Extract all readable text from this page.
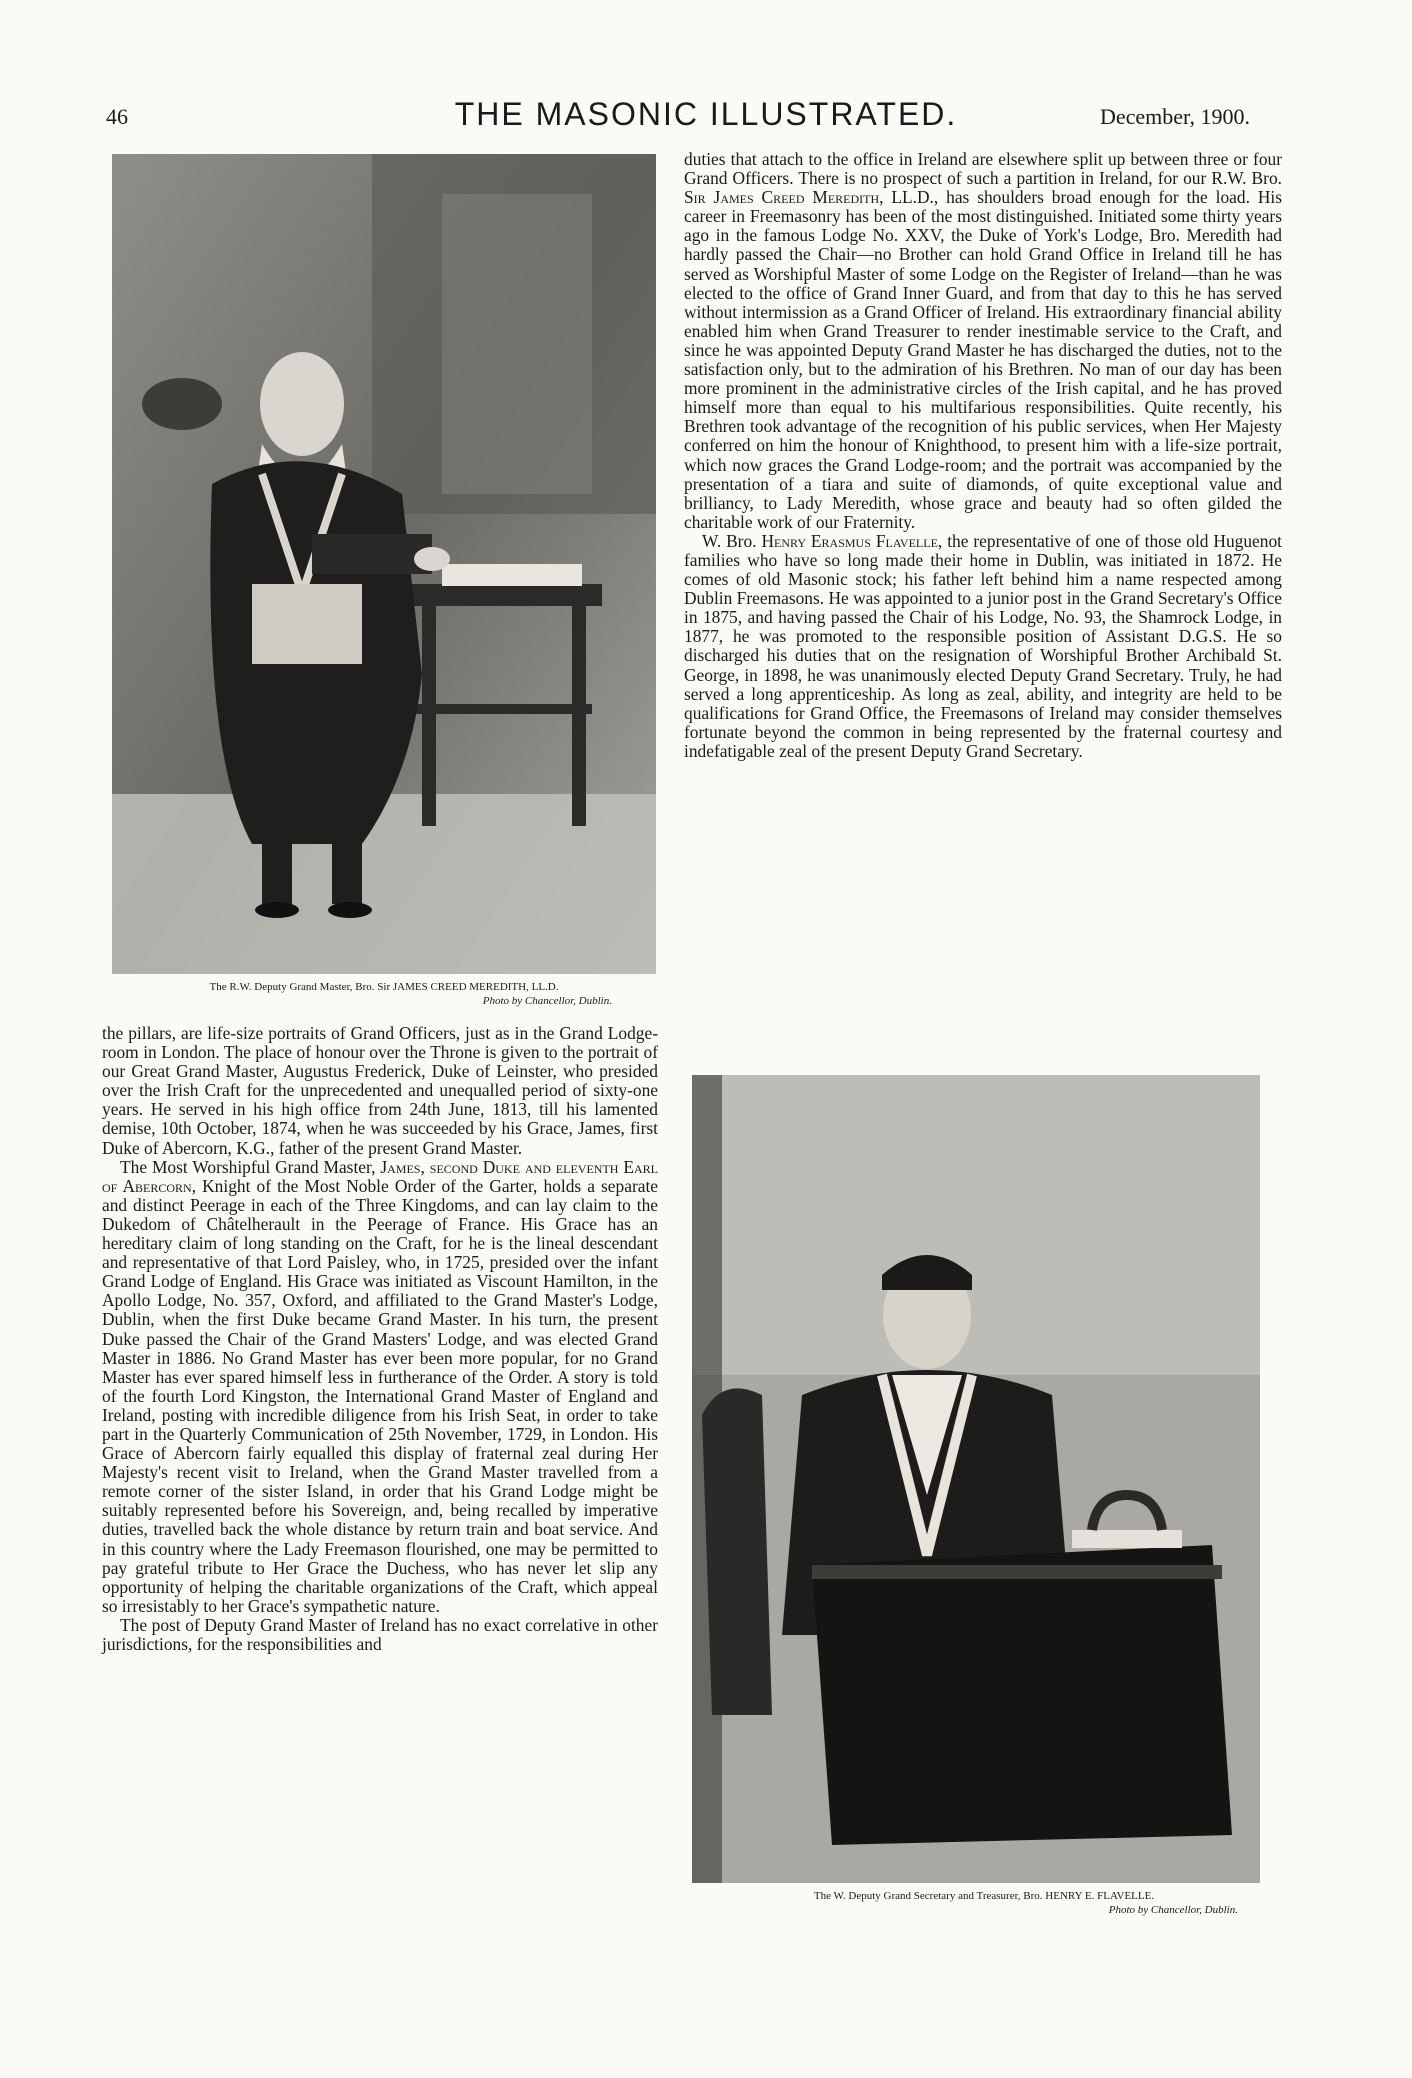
46	THE MASONIC ILLUSTRATED.	December, 1900.
The R.W. Deputy Grand Master, Bro. Sir JAMES CREED MEREDITH, LL.D.
Photo by Chancellor, Dublin.

the pillars, are life-size portraits of Grand Officers, just as in the Grand Lodge-room in London. The place of honour over the Throne is given to the portrait of our Great Grand Master, Augustus Frederick, Duke of Leinster, who presided over the Irish Craft for the unprecedented and unequalled period of sixty-one years. He served in his high office from 24th June, 1813, till his lamented demise, 10th October, 1874, when he was succeeded by his Grace, James, first Duke of Abercorn, K.G., father of the present Grand Master.

The Most Worshipful Grand Master, James, second Duke and eleventh Earl of Abercorn, Knight of the Most Noble Order of the Garter, holds a separate and distinct Peerage in each of the Three Kingdoms, and can lay claim to the Dukedom of Châtelherault in the Peerage of France. His Grace has an hereditary claim of long standing on the Craft, for he is the lineal descendant and representative of that Lord Paisley, who, in 1725, presided over the infant Grand Lodge of England. His Grace was initiated as Viscount Hamilton, in the Apollo Lodge, No. 357, Oxford, and affiliated to the Grand Master's Lodge, Dublin, when the first Duke became Grand Master. In his turn, the present Duke passed the Chair of the Grand Masters' Lodge, and was elected Grand Master in 1886. No Grand Master has ever been more popular, for no Grand Master has ever spared himself less in furtherance of the Order. A story is told of the fourth Lord Kingston, the International Grand Master of England and Ireland, posting with incredible diligence from his Irish Seat, in order to take part in the Quarterly Communication of 25th November, 1729, in London. His Grace of Abercorn fairly equalled this display of fraternal zeal during Her Majesty's recent visit to Ireland, when the Grand Master travelled from a remote corner of the sister Island, in order that his Grand Lodge might be suitably represented before his Sovereign, and, being recalled by imperative duties, travelled back the whole distance by return train and boat service. And in this country where the Lady Freemason flourished, one may be permitted to pay grateful tribute to Her Grace the Duchess, who has never let slip any opportunity of helping the charitable organizations of the Craft, which appeal so irresistably to her Grace's sympathetic nature.

The post of Deputy Grand Master of Ireland has no exact correlative in other jurisdictions, for the responsibilities and

duties that attach to the office in Ireland are elsewhere split up between three or four Grand Officers. There is no prospect of such a partition in Ireland, for our R.W. Bro. Sir James Creed Meredith, LL.D., has shoulders broad enough for the load. His career in Freemasonry has been of the most distinguished. Initiated some thirty years ago in the famous Lodge No. XXV, the Duke of York's Lodge, Bro. Meredith had hardly passed the Chair—no Brother can hold Grand Office in Ireland till he has served as Worshipful Master of some Lodge on the Register of Ireland—than he was elected to the office of Grand Inner Guard, and from that day to this he has served without intermission as a Grand Officer of Ireland. His extraordinary financial ability enabled him when Grand Treasurer to render inestimable service to the Craft, and since he was appointed Deputy Grand Master he has discharged the duties, not to the satisfaction only, but to the admiration of his Brethren. No man of our day has been more prominent in the administrative circles of the Irish capital, and he has proved himself more than equal to his multifarious responsibilities. Quite recently, his Brethren took advantage of the recognition of his public services, when Her Majesty conferred on him the honour of Knighthood, to present him with a life-size portrait, which now graces the Grand Lodge-room; and the portrait was accompanied by the presentation of a tiara and suite of diamonds, of quite exceptional value and brilliancy, to Lady Meredith, whose grace and beauty had so often gilded the charitable work of our Fraternity.

W. Bro. Henry Erasmus Flavelle, the representative of one of those old Huguenot families who have so long made their home in Dublin, was initiated in 1872. He comes of old Masonic stock; his father left behind him a name respected among Dublin Freemasons. He was appointed to a junior post in the Grand Secretary's Office in 1875, and having passed the Chair of his Lodge, No. 93, the Shamrock Lodge, in 1877, he was promoted to the responsible position of Assistant D.G.S. He so discharged his duties that on the resignation of Worshipful Brother Archibald St. George, in 1898, he was unanimously elected Deputy Grand Secretary. Truly, he had served a long apprenticeship. As long as zeal, ability, and integrity are held to be qualifications for Grand Office, the Freemasons of Ireland may consider themselves fortunate beyond the common in being represented by the fraternal courtesy and indefatigable zeal of the present Deputy Grand Secretary.

The W. Deputy Grand Secretary and Treasurer, Bro. HENRY E. FLAVELLE.
Photo by Chancellor, Dublin.
